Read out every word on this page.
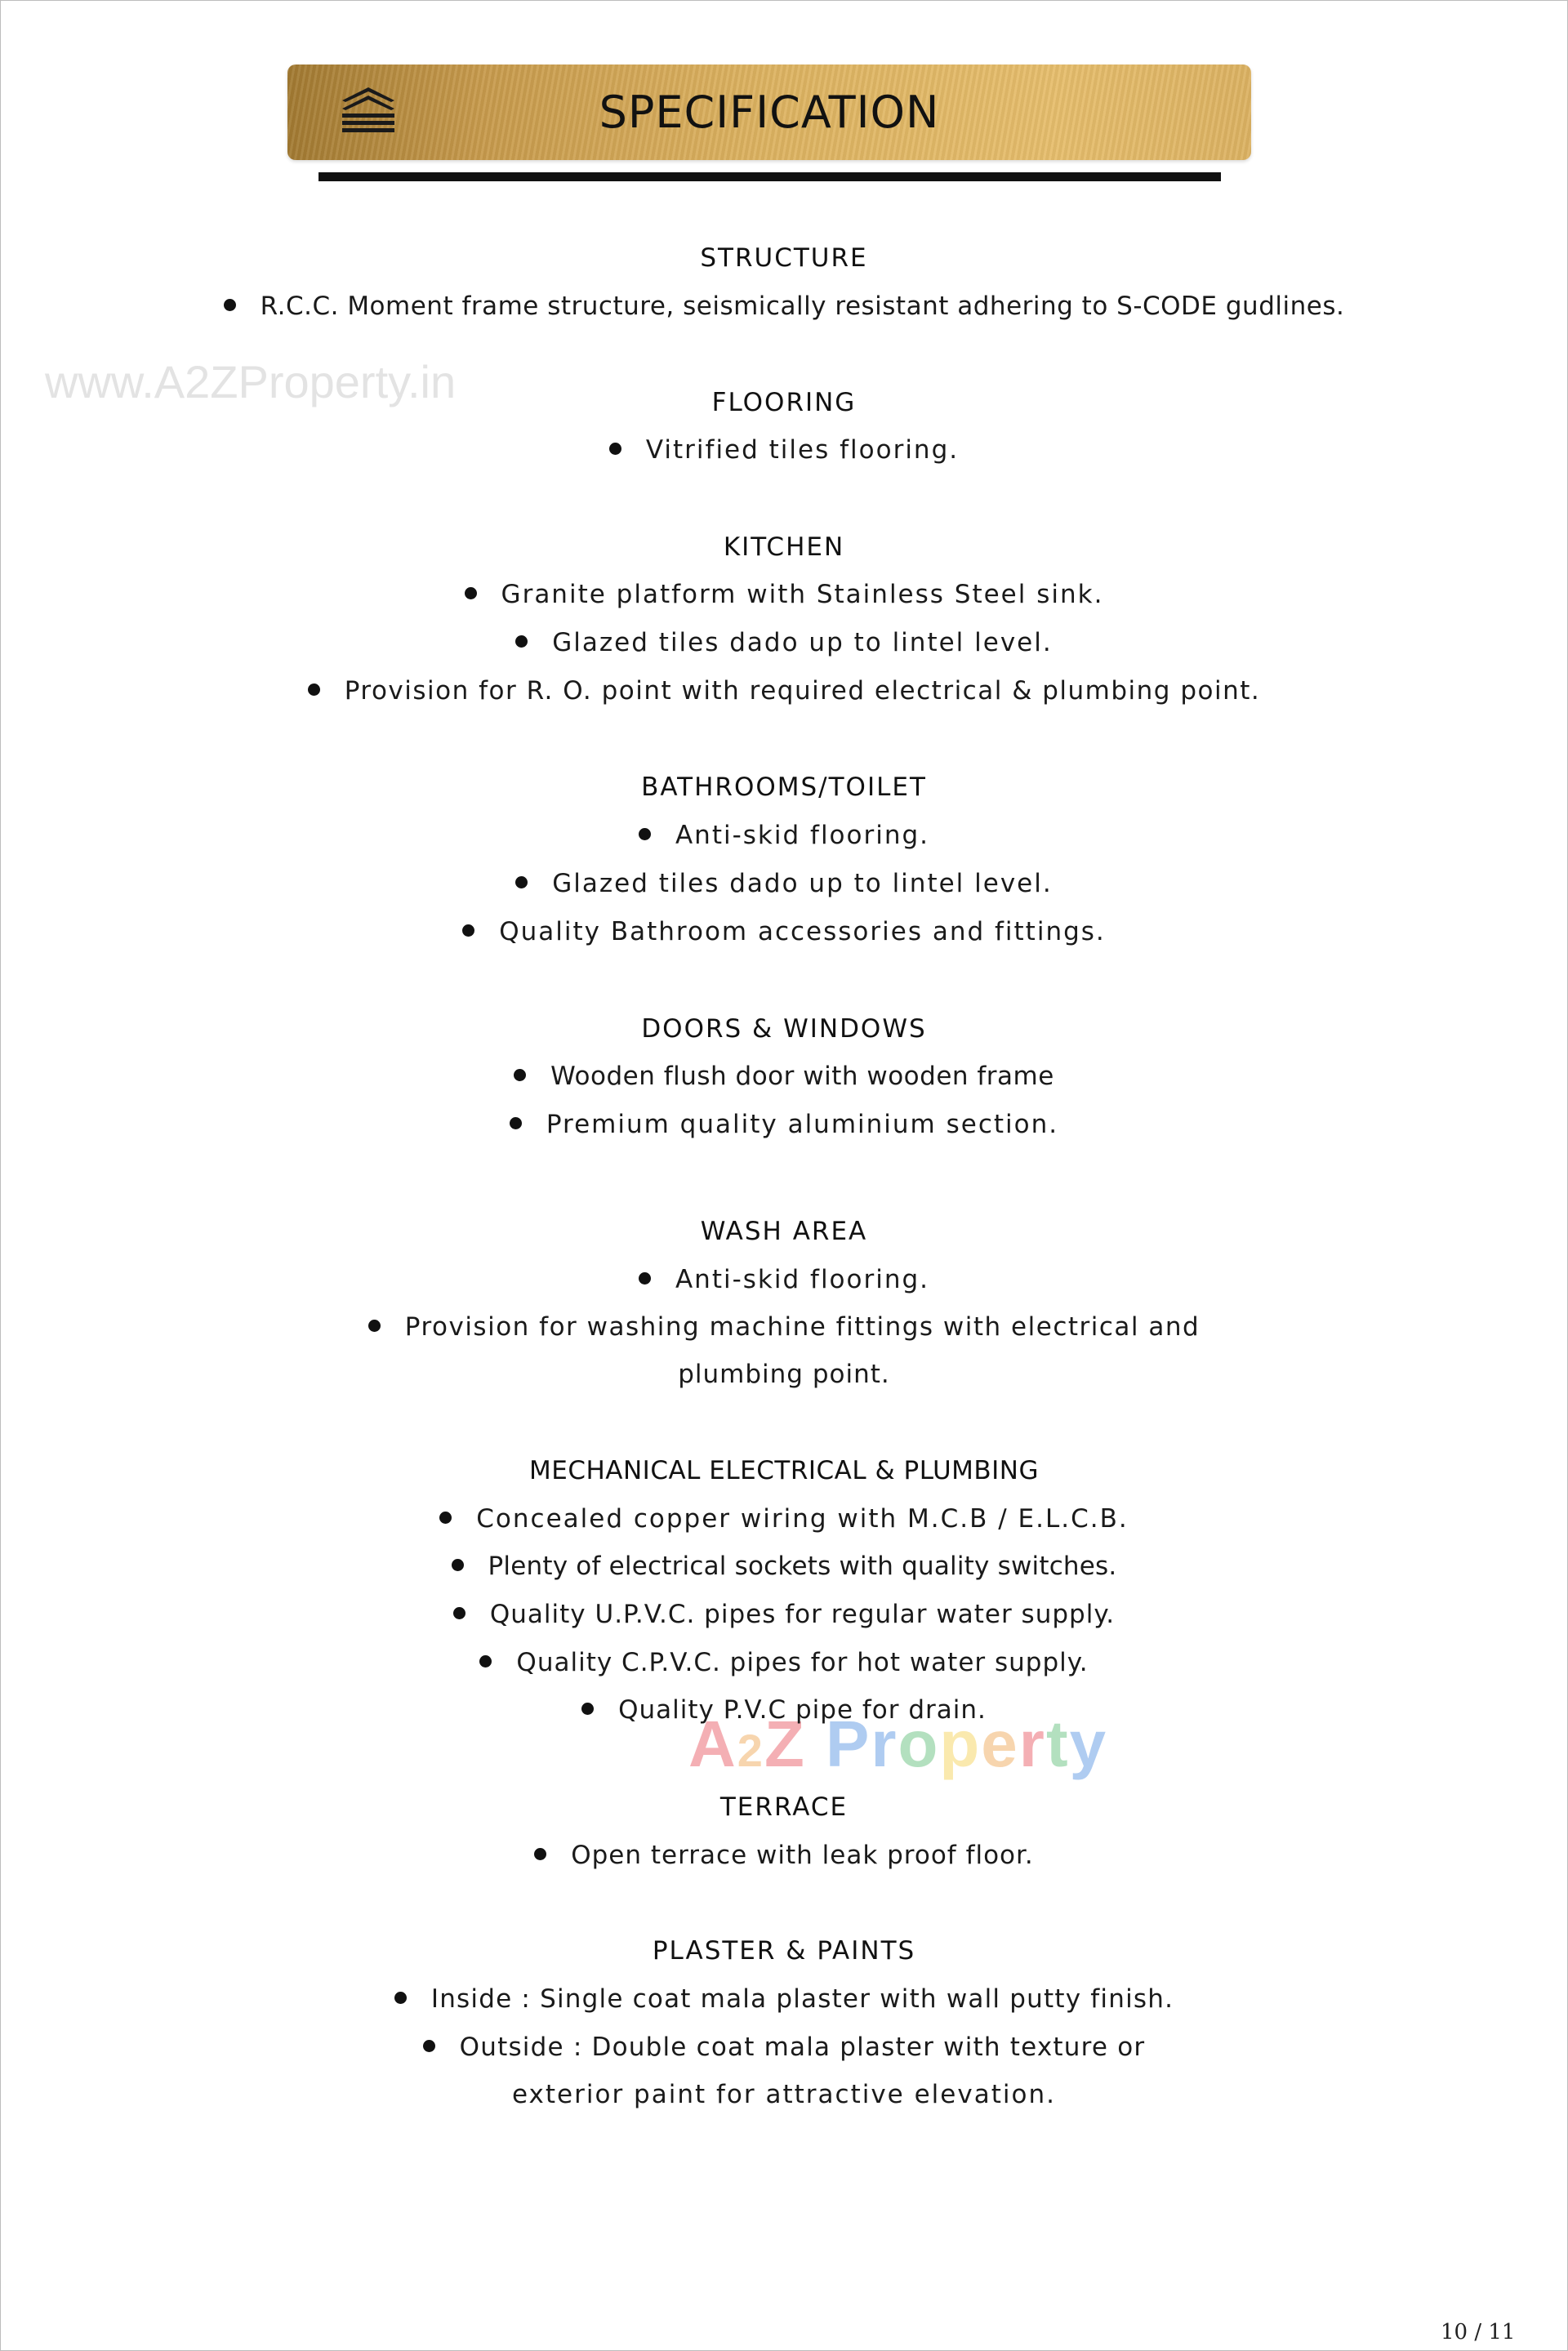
SPECIFICATION
www.A2ZProperty.in
A2Z Property
STRUCTURE
R.C.C. Moment frame structure, seismically resistant adhering to S-CODE gudlines.
FLOORING
Vitrified tiles flooring.
KITCHEN
Granite platform with Stainless Steel sink.
Glazed tiles dado up to lintel level.
Provision for R. O. point with required electrical & plumbing point.
BATHROOMS/TOILET
Anti-skid flooring.
Glazed tiles dado up to lintel level.
Quality Bathroom accessories and fittings.
DOORS & WINDOWS
Wooden flush door with wooden frame
Premium quality aluminium section.
WASH AREA
Anti-skid flooring.
Provision for washing machine fittings with electrical and
plumbing point.
MECHANICAL ELECTRICAL & PLUMBING
Concealed copper wiring with M.C.B / E.L.C.B.
Plenty of electrical sockets with quality switches.
Quality U.P.V.C. pipes for regular water supply.
Quality C.P.V.C. pipes for hot water supply.
Quality P.V.C pipe for drain.
TERRACE
Open terrace with leak proof floor.
PLASTER & PAINTS
Inside : Single coat mala plaster with wall putty finish.
Outside : Double coat mala plaster with texture or
exterior paint for attractive elevation.
10 / 11
